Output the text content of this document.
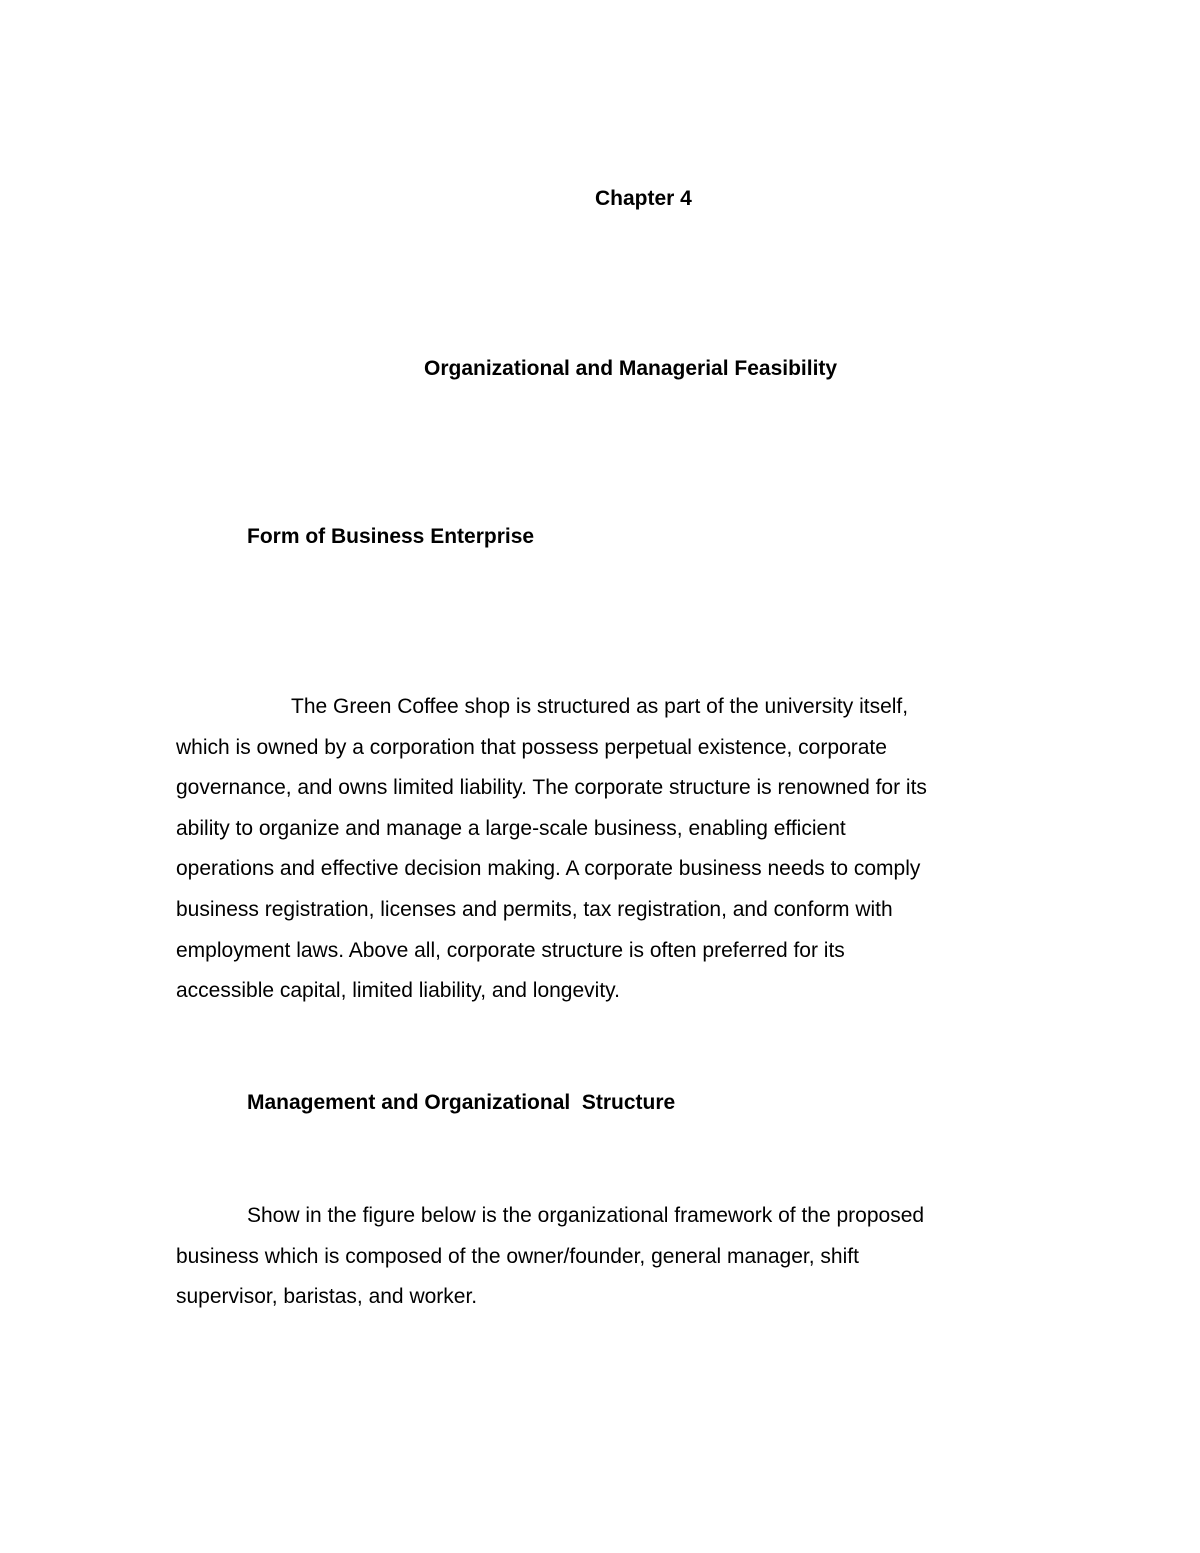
Chapter 4
Organizational and Managerial Feasibility
Form of Business Enterprise
The Green Coffee shop is structured as part of the university itself,
which is owned by a corporation that possess perpetual existence, corporate
governance, and owns limited liability. The corporate structure is renowned for its
ability to organize and manage a large-scale business, enabling efficient
operations and effective decision making. A corporate business needs to comply
business registration, licenses and permits, tax registration, and conform with
employment laws. Above all, corporate structure is often preferred for its
accessible capital, limited liability, and longevity.
Management and Organizational  Structure
Show in the figure below is the organizational framework of the proposed
business which is composed of the owner/founder, general manager, shift
supervisor, baristas, and worker.
